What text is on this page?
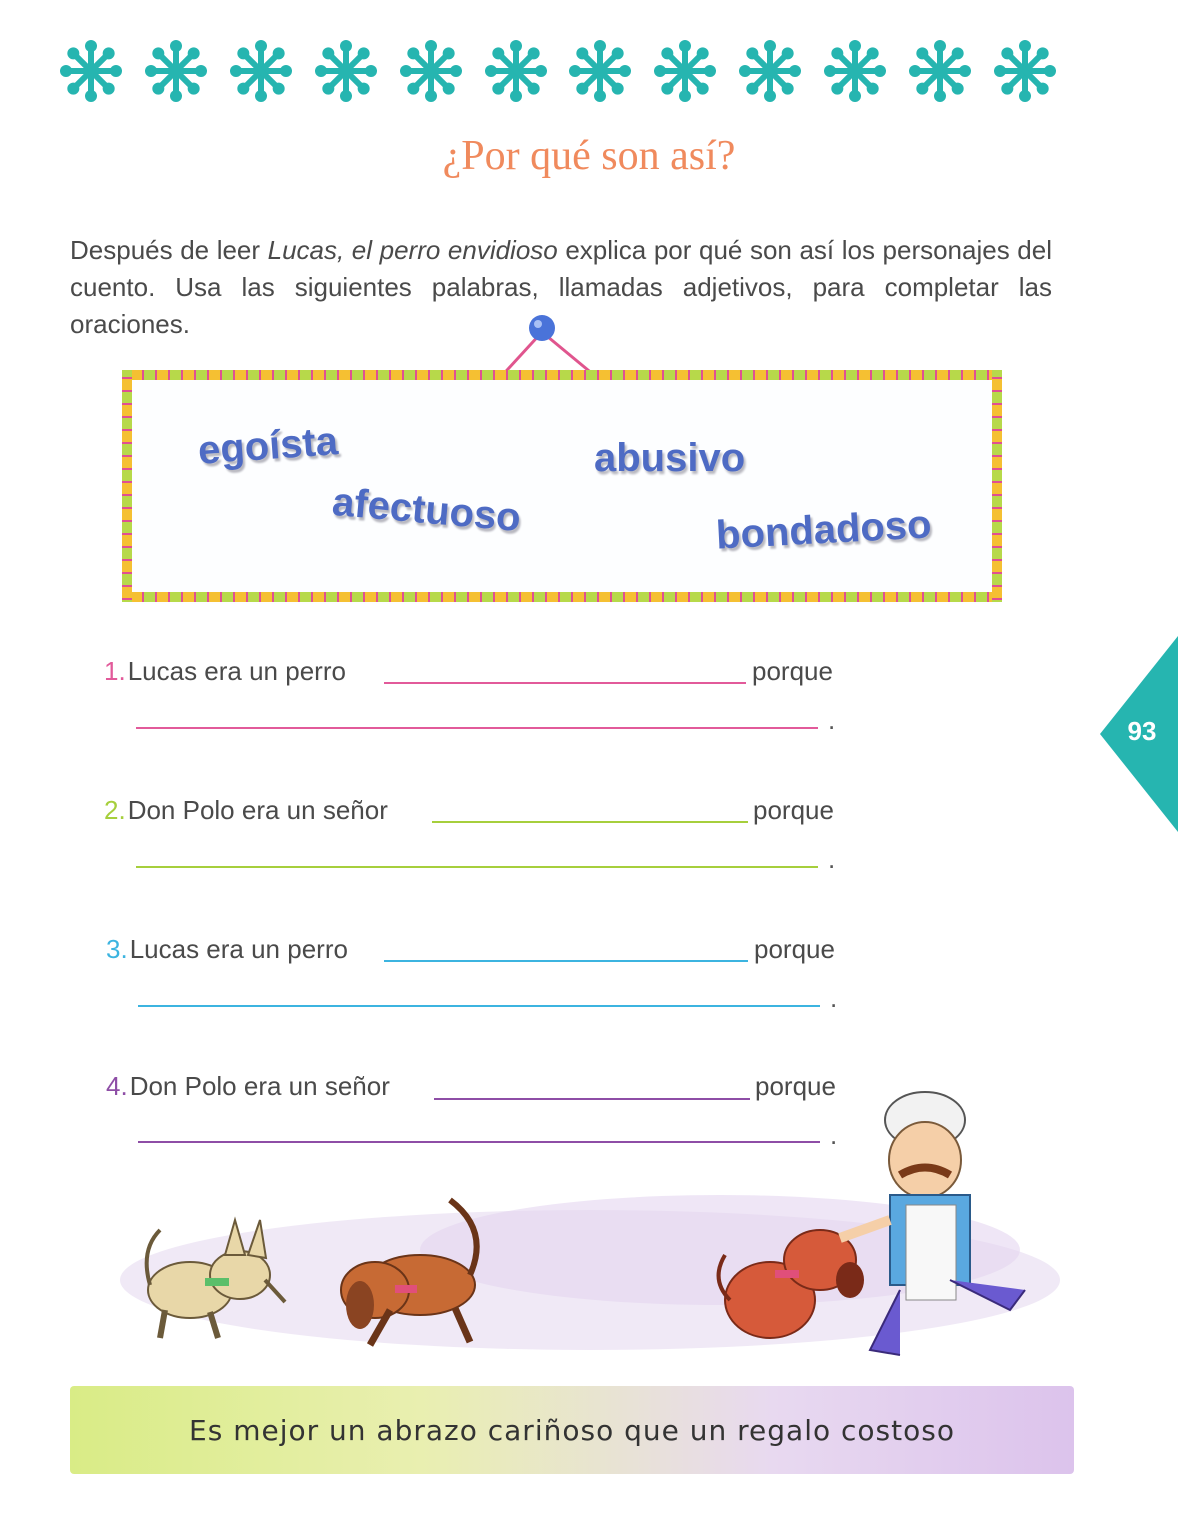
¿Por qué son así?
Después de leer Lucas, el perro envidioso explica por qué son así los personajes del cuento. Usa las siguientes palabras, llamadas adjetivos, para completar las oraciones.
egoísta	abusivo
afectuoso	bondadoso
1.Lucas era un perro	porque
.
2.Don Polo era un señor	porque
.
3.Lucas era un perro	porque
.
4.Don Polo era un señor	porque
.
93
Es mejor un abrazo cariñoso que un regalo costoso
